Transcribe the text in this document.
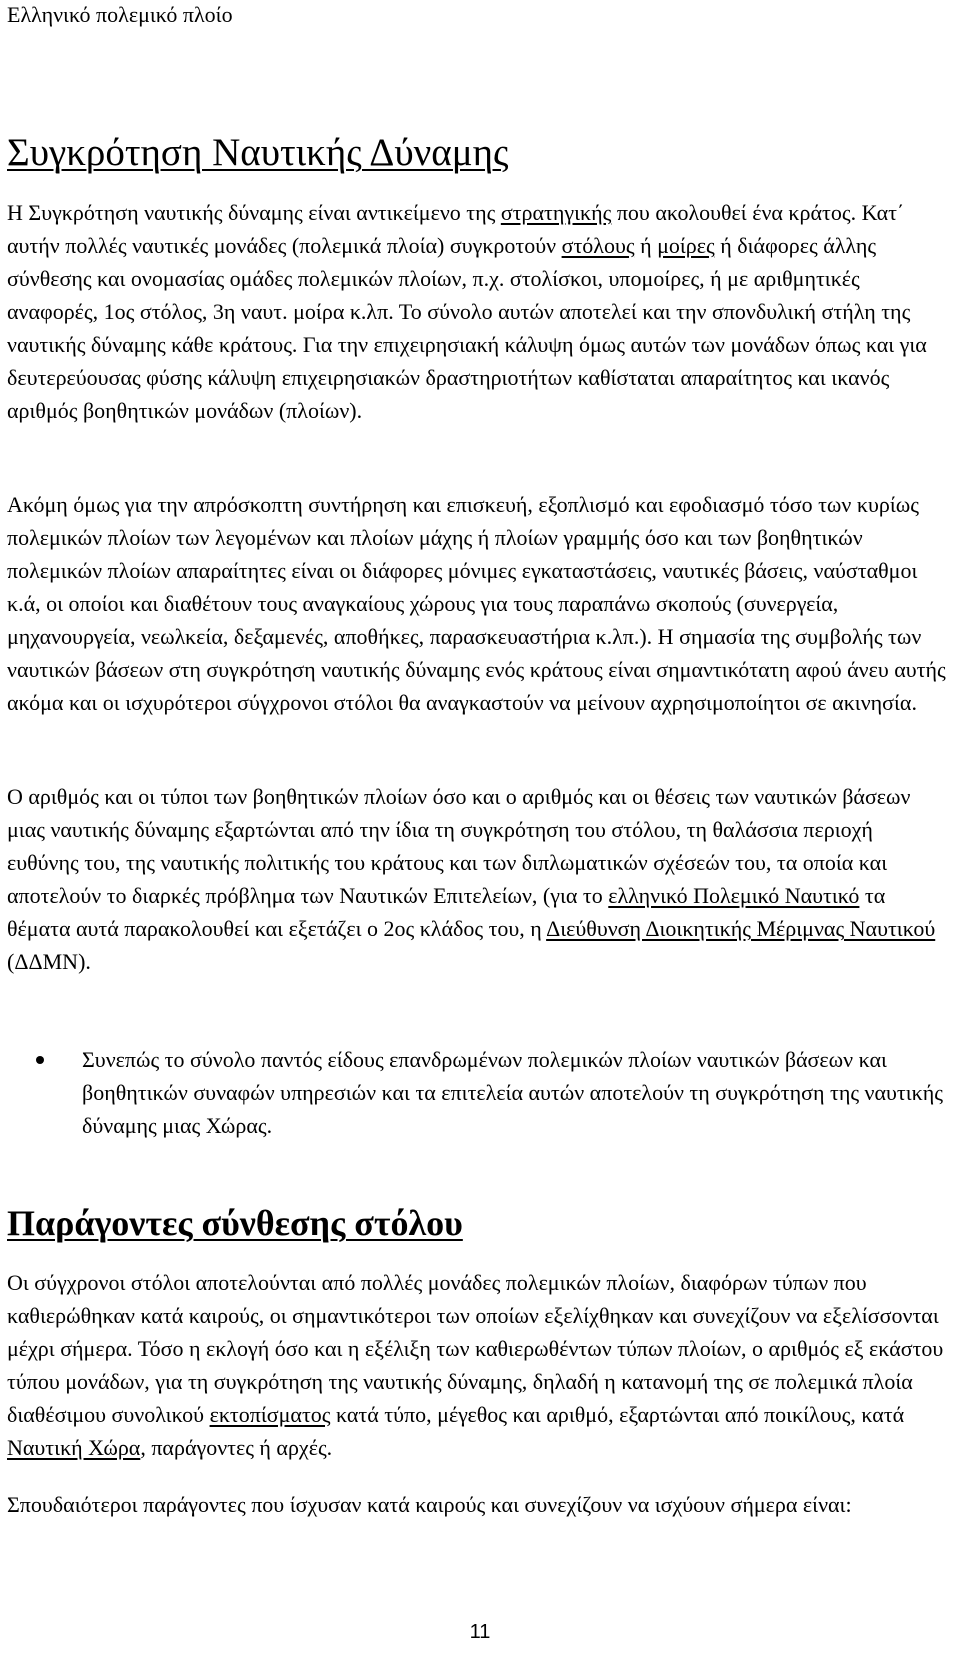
Ελληνικό πολεμικό πλοίο
Συγκρότηση Ναυτικής Δύναμης

Η Συγκρότηση ναυτικής δύναμης είναι αντικείμενο της στρατηγικής που ακολουθεί ένα κράτος. Κατ΄ αυτήν πολλές ναυτικές μονάδες (πολεμικά πλοία) συγκροτούν στόλους ή μοίρες ή διάφορες άλλης σύνθεσης και ονομασίας ομάδες πολεμικών πλοίων, π.χ. στολίσκοι, υπομοίρες, ή με αριθμητικές αναφορές, 1ος στόλος, 3η ναυτ. μοίρα κ.λπ. Το σύνολο αυτών αποτελεί και την σπονδυλική στήλη της ναυτικής δύναμης κάθε κράτους. Για την επιχειρησιακή κάλυψη όμως αυτών των μονάδων όπως και για δευτερεύουσας φύσης κάλυψη επιχειρησιακών δραστηριοτήτων καθίσταται απαραίτητος και ικανός αριθμός βοηθητικών μονάδων (πλοίων).

Ακόμη όμως για την απρόσκοπτη συντήρηση και επισκευή, εξοπλισμό και εφοδιασμό τόσο των κυρίως πολεμικών πλοίων των λεγομένων και πλοίων μάχης ή πλοίων γραμμής όσο και των βοηθητικών πολεμικών πλοίων απαραίτητες είναι οι διάφορες μόνιμες εγκαταστάσεις, ναυτικές βάσεις, ναύσταθμοι κ.ά, οι οποίοι και διαθέτουν τους αναγκαίους χώρους για τους παραπάνω σκοπούς (συνεργεία, μηχανουργεία, νεωλκεία, δεξαμενές, αποθήκες, παρασκευαστήρια κ.λπ.). Η σημασία της συμβολής των ναυτικών βάσεων στη συγκρότηση ναυτικής δύναμης ενός κράτους είναι σημαντικότατη αφού άνευ αυτής ακόμα και οι ισχυρότεροι σύγχρονοι στόλοι θα αναγκαστούν να μείνουν αχρησιμοποίητοι σε ακινησία.

Ο αριθμός και οι τύποι των βοηθητικών πλοίων όσο και ο αριθμός και οι θέσεις των ναυτικών βάσεων μιας ναυτικής δύναμης εξαρτώνται από την ίδια τη συγκρότηση του στόλου, τη θαλάσσια περιοχή ευθύνης του, της ναυτικής πολιτικής του κράτους και των διπλωματικών σχέσεών του, τα οποία και αποτελούν το διαρκές πρόβλημα των Ναυτικών Επιτελείων, (για το ελληνικό Πολεμικό Ναυτικό τα θέματα αυτά παρακολουθεί και εξετάζει ο 2ος κλάδος του, η Διεύθυνση Διοικητικής Μέριμνας Ναυτικού (ΔΔΜΝ).

Συνεπώς το σύνολο παντός είδους επανδρωμένων πολεμικών πλοίων ναυτικών βάσεων και βοηθητικών συναφών υπηρεσιών και τα επιτελεία αυτών αποτελούν τη συγκρότηση της ναυτικής δύναμης μιας Χώρας.
Παράγοντες σύνθεσης στόλου

Οι σύγχρονοι στόλοι αποτελούνται από πολλές μονάδες πολεμικών πλοίων, διαφόρων τύπων που καθιερώθηκαν κατά καιρούς, οι σημαντικότεροι των οποίων εξελίχθηκαν και συνεχίζουν να εξελίσσονται μέχρι σήμερα. Τόσο η εκλογή όσο και η εξέλιξη των καθιερωθέντων τύπων πλοίων, ο αριθμός εξ εκάστου τύπου μονάδων, για τη συγκρότηση της ναυτικής δύναμης, δηλαδή η κατανομή της σε πολεμικά πλοία διαθέσιμου συνολικού εκτοπίσματος κατά τύπο, μέγεθος και αριθμό, εξαρτώνται από ποικίλους, κατά Ναυτική Χώρα, παράγοντες ή αρχές.

Σπουδαιότεροι παράγοντες που ίσχυσαν κατά καιρούς και συνεχίζουν να ισχύουν σήμερα είναι:

11
